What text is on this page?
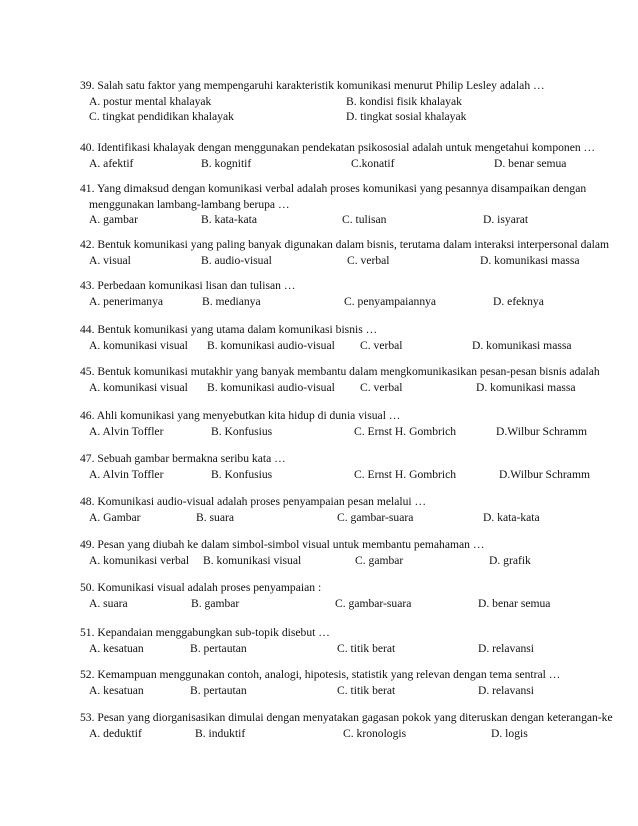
39. Salah satu faktor yang mempengaruhi karakteristik komunikasi menurut Philip Lesley adalah …
A. postur mental khalayak	B. kondisi fisik khalayak
C. tingkat pendidikan khalayak	D. tingkat sosial khalayak
40. Identifikasi khalayak dengan menggunakan pendekatan psikososial adalah untuk mengetahui komponen …
A. afektif	B. kognitif	C.konatif	D. benar semua
41. Yang dimaksud dengan komunikasi verbal adalah proses komunikasi yang pesannya disampaikan dengan
menggunakan lambang-lambang berupa …
A. gambar	B. kata-kata	C. tulisan	D. isyarat
42. Bentuk komunikasi yang paling banyak digunakan dalam bisnis, terutama dalam interaksi interpersonal dalam
A. visual	B. audio-visual	C. verbal	D. komunikasi massa
43. Perbedaan komunikasi lisan dan tulisan …
A. penerimanya	B. medianya	C. penyampaiannya	D. efeknya
44. Bentuk komunikasi yang utama dalam komunikasi bisnis …
A. komunikasi visual B. komunikasi audio-visual C. verbal	D. komunikasi massa
45. Bentuk komunikasi mutakhir yang banyak membantu dalam mengkomunikasikan pesan-pesan bisnis adalah
A. komunikasi visual B. komunikasi audio-visual C. verbal	D. komunikasi massa
46. Ahli komunikasi yang menyebutkan kita hidup di dunia visual …
A. Alvin Toffler	B. Konfusius	C. Ernst H. Gombrich	D.Wilbur Schramm
47. Sebuah gambar bermakna seribu kata …
A. Alvin Toffler	B. Konfusius	C. Ernst H. Gombrich	D.Wilbur Schramm
48. Komunikasi audio-visual adalah proses penyampaian pesan melalui …
A. Gambar	B. suara	C. gambar-suara	D. kata-kata
49. Pesan yang diubah ke dalam simbol-simbol visual untuk membantu pemahaman …
A. komunikasi verbal B. komunikasi visual	C. gambar	D. grafik
50. Komunikasi visual adalah proses penyampaian :
A. suara	B. gambar	C. gambar-suara	D. benar semua
51. Kepandaian menggabungkan sub-topik disebut …
A. kesatuan	B. pertautan	C. titik berat	D. relavansi
52. Kemampuan menggunakan contoh, analogi, hipotesis, statistik yang relevan dengan tema sentral …
A. kesatuan	B. pertautan	C. titik berat	D. relavansi
53. Pesan yang diorganisasikan dimulai dengan menyatakan gagasan pokok yang diteruskan dengan keterangan-ke
A. deduktif	B. induktif	C. kronologis	D. logis
